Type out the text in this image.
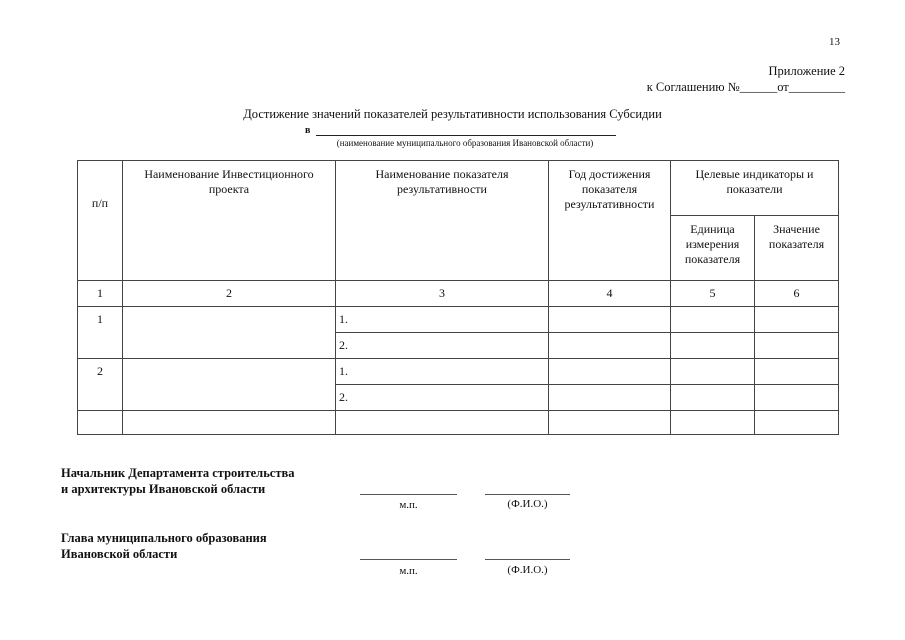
13
Приложение 2
к Соглашению №______от_________
Достижение значений показателей результативности использования Субсидии
в
(наименование муниципального образования Ивановской области)
п/п	Наименование Инвестиционного проекта	Наименование показателя результативности	Год достижения показателя результативности	Целевые индикаторы и показатели	
				Единица измерения показателя	Значение показателя
1	2	3	4	5	6
1		1.			
		2.			
2		1.			
		2.			

Начальник Департамента строительства
и архитектуры Ивановской области
м.п.	(Ф.И.О.)
Глава муниципального образования
Ивановской области
м.п.	(Ф.И.О.)
